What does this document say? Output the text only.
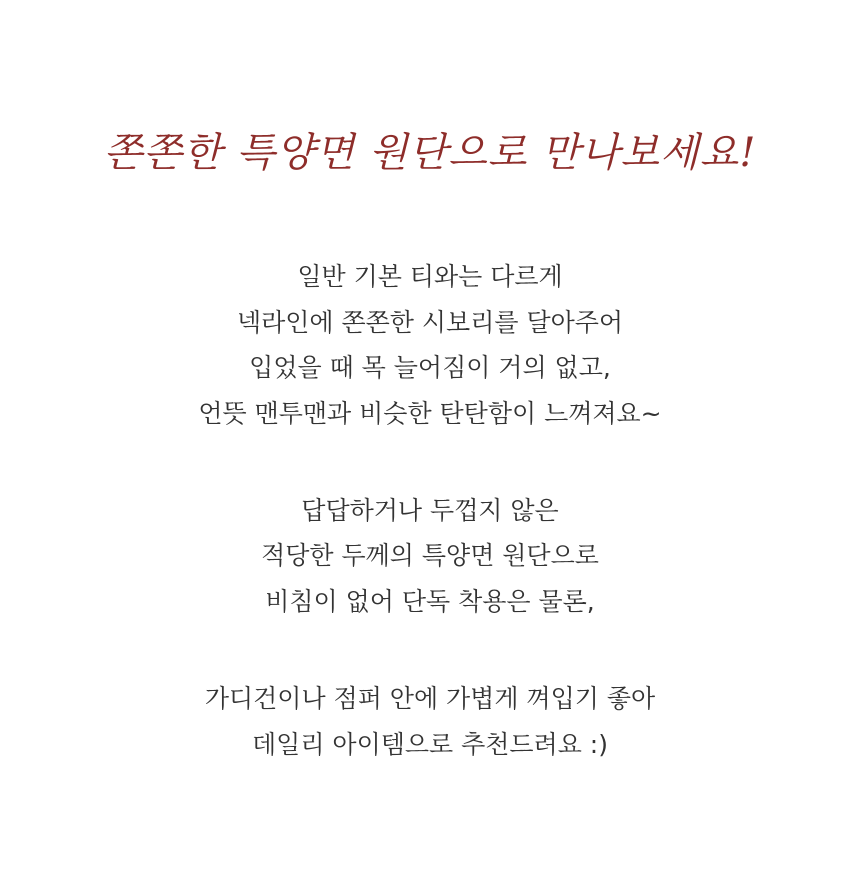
쫀쫀한 특양면 원단으로 만나보세요!
일반 기본 티와는 다르게
넥라인에 쫀쫀한 시보리를 달아주어
입었을 때 목 늘어짐이 거의 없고,
언뜻 맨투맨과 비슷한 탄탄함이 느껴져요~
답답하거나 두껍지 않은
적당한 두께의 특양면 원단으로
비침이 없어 단독 착용은 물론,
가디건이나 점퍼 안에 가볍게 껴입기 좋아
데일리 아이템으로 추천드려요 :)
